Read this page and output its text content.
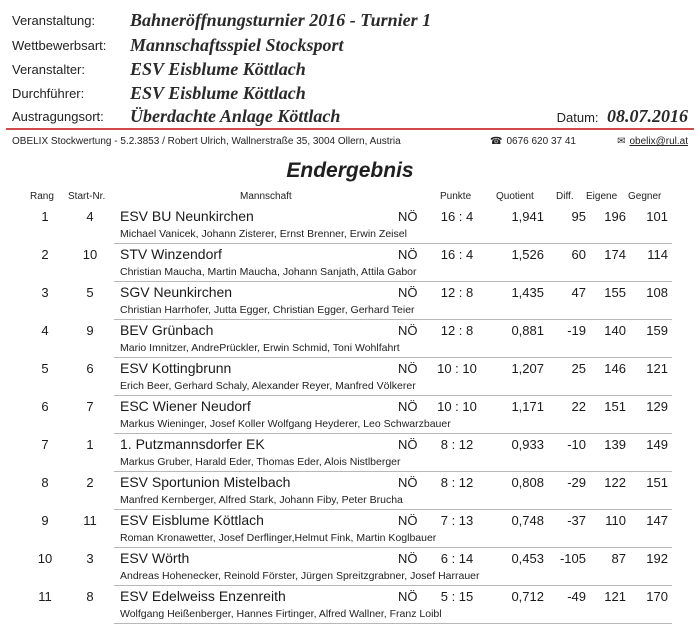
Veranstaltung: Bahneröffnungsturnier 2016 - Turnier 1
Wettbewerbsart: Mannschaftsspiel Stocksport
Veranstalter:	ESV Eisblume Köttlach
Durchführer:	ESV Eisblume Köttlach
Austragungsort: Überdachte Anlage Köttlach	Datum: 08.07.2016
OBELIX Stockwertung - 5.2.3853 / Robert Ulrich, Wallnerstraße 35, 3004 Ollern, Austria	☎ 0676 620 37 41	✉ obelix@rul.at
Endergebnis
Rang Start-Nr.	Mannschaft	Punkte Quotient Diff. Eigene Gegner
1	4	ESV BU Neunkirchen	NÖ	16 : 4	1,941	95	196	101
Michael Vanicek, Johann Zisterer, Ernst Brenner, Erwin Zeisel
2	10	STV Winzendorf	NÖ	16 : 4	1,526	60	174	114
Christian Maucha, Martin Maucha, Johann Sanjath, Attila Gabor
3	5	SGV Neunkirchen	NÖ	12 : 8	1,435	47	155	108
Christian Harrhofer, Jutta Egger, Christian Egger, Gerhard Teier
4	9	BEV Grünbach	NÖ	12 : 8	0,881	-19	140	159
Mario Imnitzer, AndrePrückler, Erwin Schmid, Toni Wohlfahrt
5	6	ESV Kottingbrunn	NÖ	10 : 10	1,207	25	146	121
Erich Beer, Gerhard Schaly, Alexander Reyer, Manfred Völkerer
6	7	ESC Wiener Neudorf	NÖ	10 : 10	1,171	22	151	129
Markus Wieninger, Josef Koller Wolfgang Heyderer, Leo Schwarzbauer
7	1	1. Putzmannsdorfer EK	NÖ	8 : 12	0,933	-10	139	149
Markus Gruber, Harald Eder, Thomas Eder, Alois Nistlberger
8	2	ESV Sportunion Mistelbach	NÖ	8 : 12	0,808	-29	122	151
Manfred Kernberger, Alfred Stark, Johann Fiby, Peter Brucha
9	11	ESV Eisblume Köttlach	NÖ	7 : 13	0,748	-37	110	147
Roman Kronawetter, Josef Derflinger,Helmut Fink, Martin Koglbauer
10	3	ESV Wörth	NÖ	6 : 14	0,453	-105	87	192
Andreas Hohenecker, Reinold Förster, Jürgen Spreitzgrabner, Josef Harrauer
11	8	ESV Edelweiss Enzenreith	NÖ	5 : 15	0,712	-49	121	170
Wolfgang Heißenberger, Hannes Firtinger, Alfred Wallner, Franz Loibl
